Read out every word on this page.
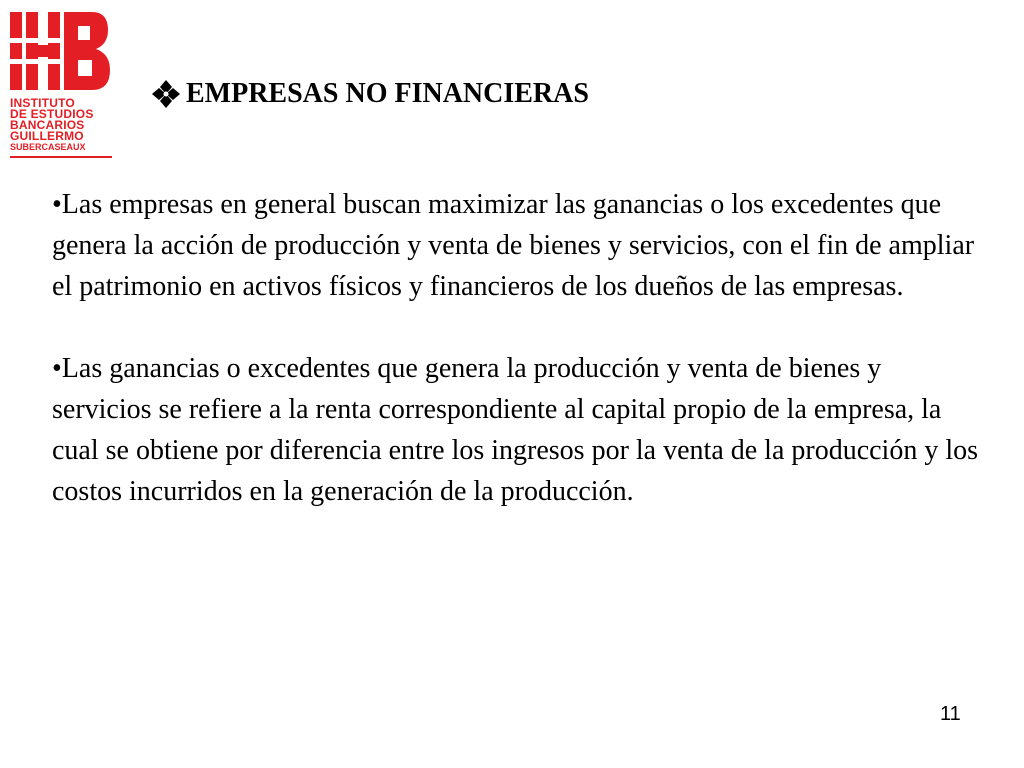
INSTITUTO
DE ESTUDIOS
BANCARIOS
GUILLERMO
SUBERCASEAUX
EMPRESAS NO FINANCIERAS

•Las empresas en general buscan maximizar las ganancias o los excedentes que genera la acción de producción y venta de bienes y servicios, con el fin de ampliar el patrimonio en activos físicos y financieros de los dueños de las empresas.

•Las ganancias o excedentes que genera la producción y venta de bienes y servicios se refiere a la renta correspondiente al capital propio de la empresa, la cual se obtiene por diferencia entre los ingresos por la venta de la producción y los costos incurridos en la generación de la producción.

11
